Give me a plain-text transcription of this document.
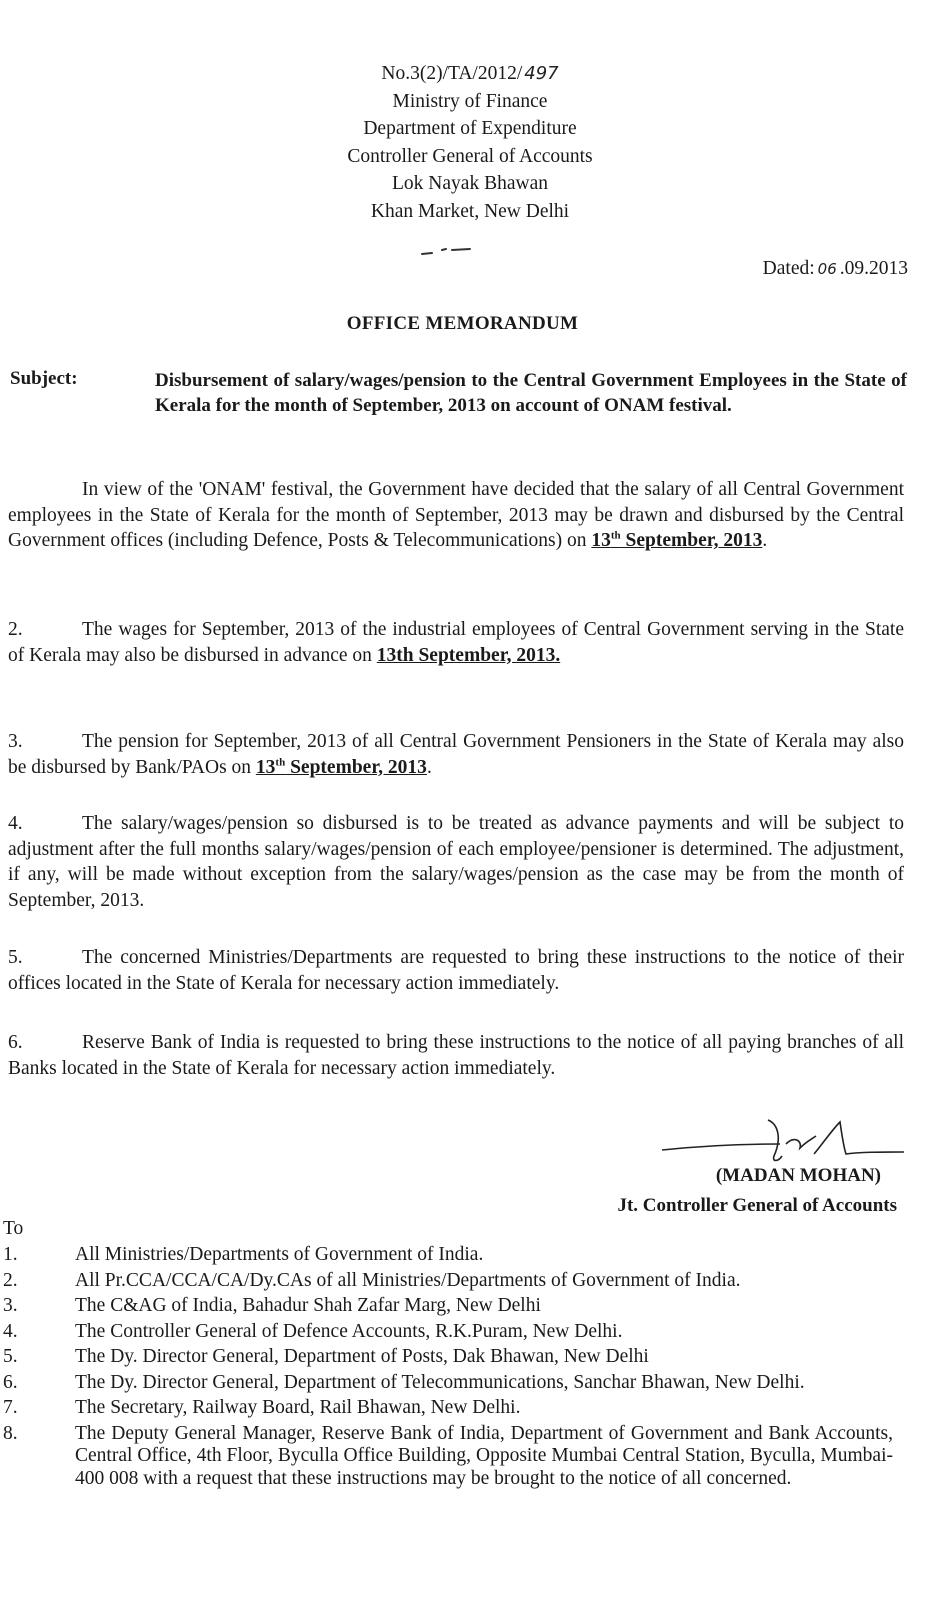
No.3(2)/TA/2012/ 497
Ministry of Finance
Department of Expenditure
Controller General of Accounts
Lok Nayak Bhawan
Khan Market, New Delhi
Dated: 06 .09.2013
OFFICE MEMORANDUM
Subject:	Disbursement of salary/wages/pension to the Central Government Employees in the State of Kerala for the month of September, 2013 on account of ONAM festival.
In view of the 'ONAM' festival, the Government have decided that the salary of all Central Government employees in the State of Kerala for the month of September, 2013 may be drawn and disbursed by the Central Government offices (including Defence, Posts & Telecommunications) on 13th September, 2013.
2.	The wages for September, 2013 of the industrial employees of Central Government serving in the State of Kerala may also be disbursed in advance on 13th September, 2013.
3.	The pension for September, 2013 of all Central Government Pensioners in the State of Kerala may also be disbursed by Bank/PAOs on 13th September, 2013.
4.	The salary/wages/pension so disbursed is to be treated as advance payments and will be subject to adjustment after the full months salary/wages/pension of each employee/pensioner is determined. The adjustment, if any, will be made without exception from the salary/wages/pension as the case may be from the month of September, 2013.
5.	The concerned Ministries/Departments are requested to bring these instructions to the notice of their offices located in the State of Kerala for necessary action immediately.
6.	Reserve Bank of India is requested to bring these instructions to the notice of all paying branches of all Banks located in the State of Kerala for necessary action immediately.
(MADAN MOHAN)
Jt. Controller General of Accounts
To
1.	All Ministries/Departments of Government of India.
2.	All Pr.CCA/CCA/CA/Dy.CAs of all Ministries/Departments of Government of India.
3.	The C&AG of India, Bahadur Shah Zafar Marg, New Delhi
4.	The Controller General of Defence Accounts, R.K.Puram, New Delhi.
5.	The Dy. Director General, Department of Posts, Dak Bhawan, New Delhi
6.	The Dy. Director General, Department of Telecommunications, Sanchar Bhawan, New Delhi.
7.	The Secretary, Railway Board, Rail Bhawan, New Delhi.
8.	The Deputy General Manager, Reserve Bank of India, Department of Government and Bank Accounts, Central Office, 4th Floor, Byculla Office Building, Opposite Mumbai Central Station, Byculla, Mumbai-400 008 with a request that these instructions may be brought to the notice of all concerned.
